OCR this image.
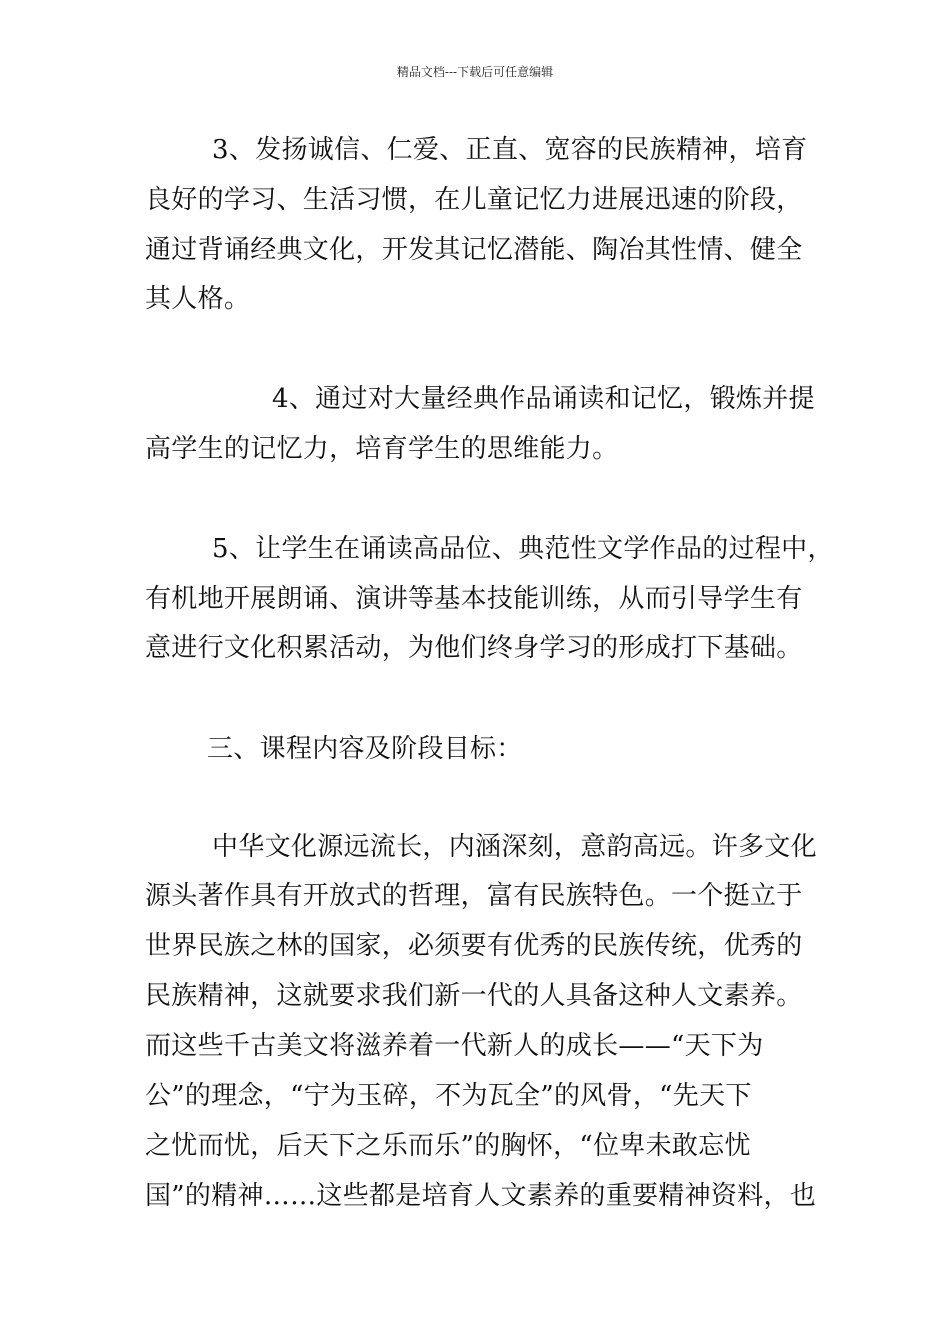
精品文档---下载后可任意编辑
3、发扬诚信、仁爱、正直、宽容的民族精神，培育
良好的学习、生活习惯，在儿童记忆力进展迅速的阶段，
通过背诵经典文化，开发其记忆潜能、陶冶其性情、健全
其人格。
4、通过对大量经典作品诵读和记忆，锻炼并提
高学生的记忆力，培育学生的思维能力。
5、让学生在诵读高品位、典范性文学作品的过程中，
有机地开展朗诵、演讲等基本技能训练，从而引导学生有
意进行文化积累活动，为他们终身学习的形成打下基础。
三、课程内容及阶段目标：
中华文化源远流长，内涵深刻，意韵高远。许多文化
源头著作具有开放式的哲理，富有民族特色。一个挺立于
世界民族之林的国家，必须要有优秀的民族传统，优秀的
民族精神，这就要求我们新一代的人具备这种人文素养。
而这些千古美文将滋养着一代新人的成长——“天下为
公”的理念，“宁为玉碎，不为瓦全”的风骨，“先天下
之忧而忧，后天下之乐而乐”的胸怀，“位卑未敢忘忧
国”的精神……这些都是培育人文素养的重要精神资料，也
